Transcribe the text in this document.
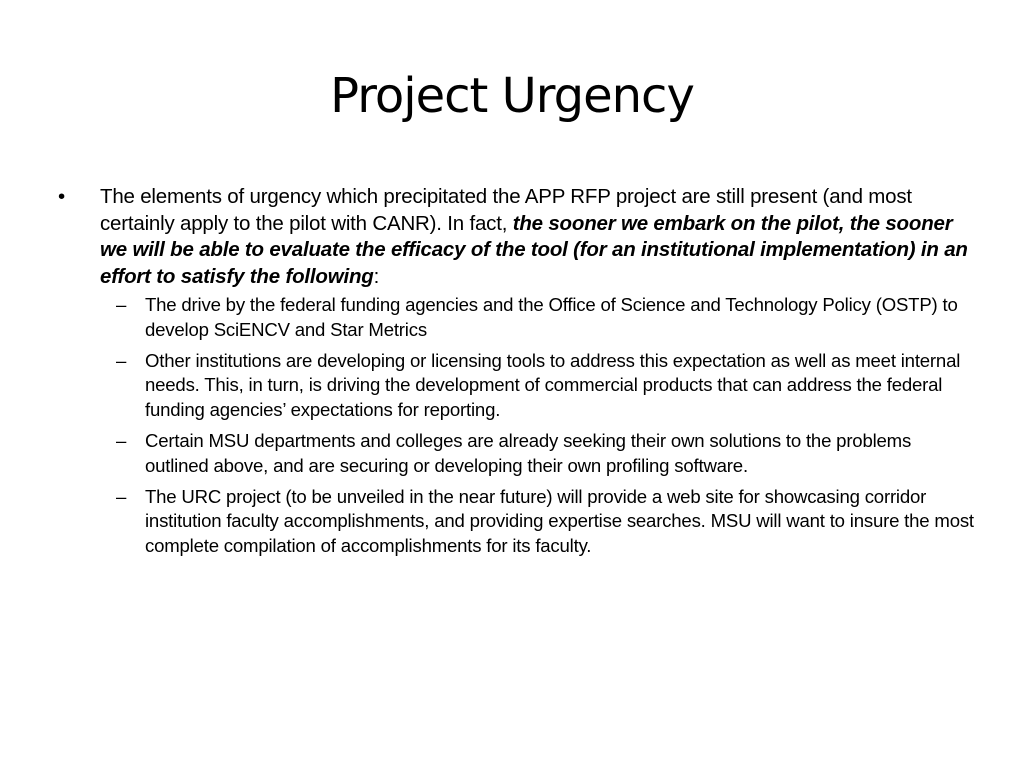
Project Urgency
• The elements of urgency which precipitated the APP RFP project are still present (and most certainly apply to the pilot with CANR). In fact, the sooner we embark on the pilot, the sooner we will be able to evaluate the efficacy of the tool (for an institutional implementation) in an effort to satisfy the following:
– The drive by the federal funding agencies and the Office of Science and Technology Policy (OSTP) to develop SciENCV and Star Metrics
– Other institutions are developing or licensing tools to address this expectation as well as meet internal needs. This, in turn, is driving the development of commercial products that can address the federal funding agencies’ expectations for reporting.
– Certain MSU departments and colleges are already seeking their own solutions to the problems outlined above, and are securing or developing their own profiling software.
– The URC project (to be unveiled in the near future) will provide a web site for showcasing corridor institution faculty accomplishments, and providing expertise searches. MSU will want to insure the most complete compilation of accomplishments for its faculty.
